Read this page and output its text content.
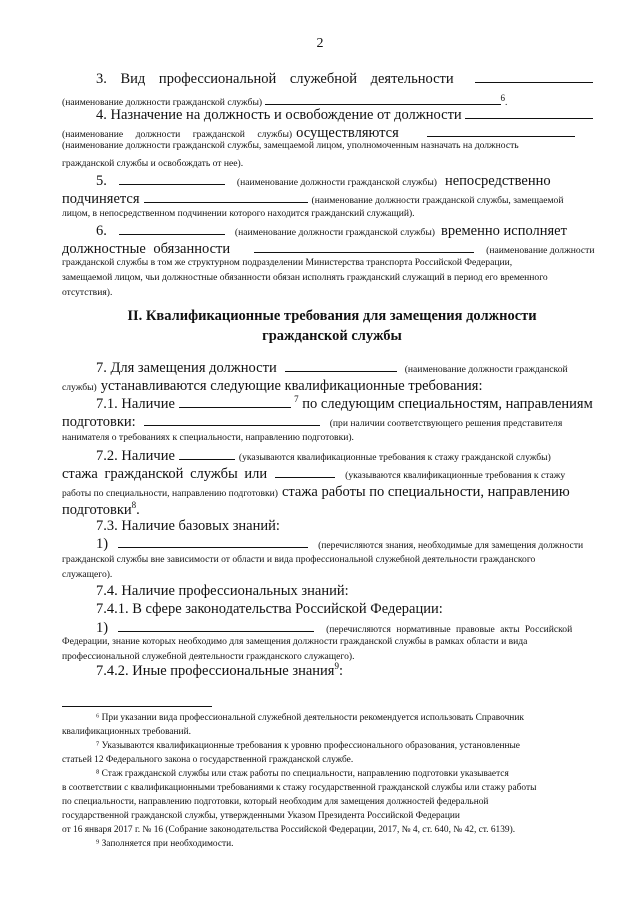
2
3. Вид профессиональной служебной деятельности
(наименование должности гражданской службы)	6.
4. Назначение на должность и освобождение от должности
(наименование должности гражданской службы) осуществляются
(наименование должности гражданской службы, замещаемой лицом, уполномоченным назначать на должность
гражданской службы и освобождать от нее).
5.	(наименование должности гражданской службы) непосредственно
подчиняется	(наименование должности гражданской службы, замещаемой
лицом, в непосредственном подчинении которого находится гражданский служащий).
6.	(наименование должности гражданской службы) временно исполняет
должностные обязанности	(наименование должности
гражданской службы в том же структурном подразделении Министерства транспорта Российской Федерации,
замещаемой лицом, чьи должностные обязанности обязан исполнять гражданский служащий в период его временного
отсутствия).
II. Квалификационные требования для замещения должности
гражданской службы
7. Для замещения должности	(наименование должности гражданской
службы) устанавливаются следующие квалификационные требования:
7.1. Наличие	$^7$ по следующим специальностям, направлениям
подготовки:	(при наличии соответствующего решения представителя
нанимателя о требованиях к специальности, направлению подготовки).
7.2. Наличие	(указываются квалификационные требования к стажу гражданской службы)
стажа гражданской службы или	(указываются квалификационные требования к стажу
работы по специальности, направлению подготовки) стажа работы по специальности, направлению
подготовки$^8$.
7.3. Наличие базовых знаний:
1)	(перечисляются знания, необходимые для замещения должности
гражданской службы вне зависимости от области и вида профессиональной служебной деятельности гражданского
служащего).
7.4. Наличие профессиональных знаний:
7.4.1. В сфере законодательства Российской Федерации:
1)	(перечисляются нормативные правовые акты Российской
Федерации, знание которых необходимо для замещения должности гражданской службы в рамках области и вида
профессиональной служебной деятельности гражданского служащего).
7.4.2. Иные профессиональные знания$^9$:
⁶ При указании вида профессиональной служебной деятельности рекомендуется использовать Справочник
квалификационных требований.
⁷ Указываются квалификационные требования к уровню профессионального образования, установленные
статьей 12 Федерального закона о государственной гражданской службе.
⁸ Стаж гражданской службы или стаж работы по специальности, направлению подготовки указывается
в соответствии с квалификационными требованиями к стажу государственной гражданской службы или стажу работы
по специальности, направлению подготовки, который необходим для замещения должностей федеральной
государственной гражданской службы, утвержденными Указом Президента Российской Федерации
от 16 января 2017 г. № 16 (Собрание законодательства Российской Федерации, 2017, № 4, ст. 640, № 42, ст. 6139).
⁹ Заполняется при необходимости.
